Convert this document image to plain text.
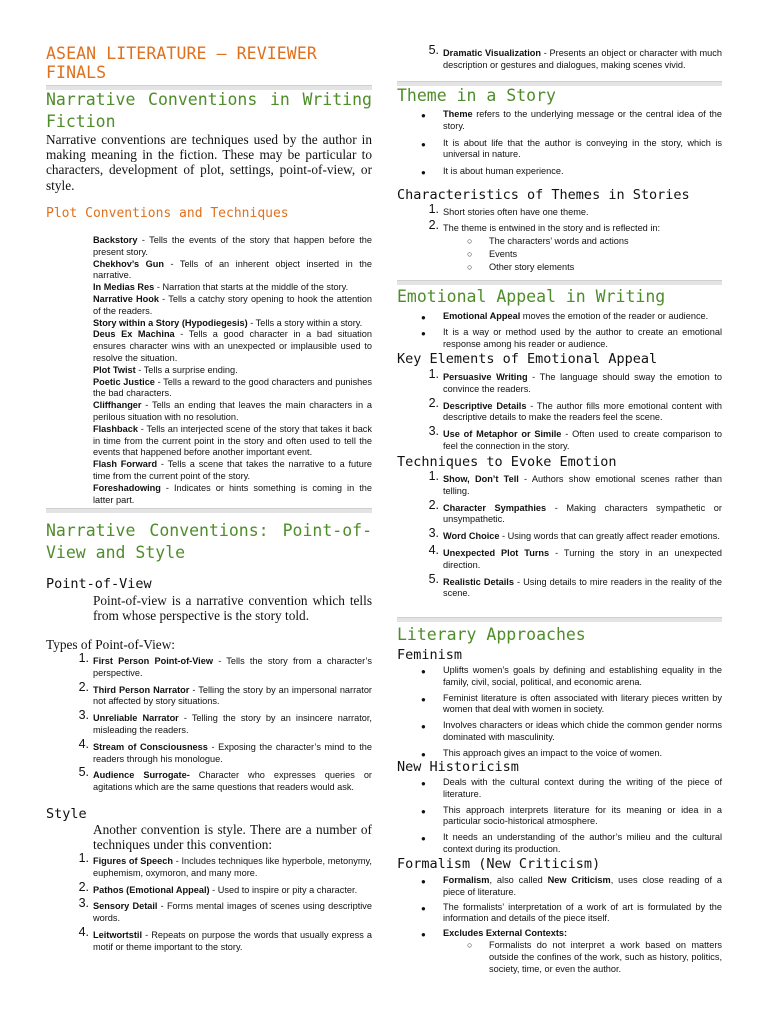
ASEAN LITERATURE – REVIEWER FINALS
Narrative Conventions in Writing
Fiction
Narrative conventions are techniques used by the author in making meaning in the fiction. These may be particular to characters, development of plot, settings, point-of-view, or style.
Plot Conventions and Techniques
Backstory - Tells the events of the story that happen before the present story.
Chekhov’s Gun - Tells of an inherent object inserted in the narrative.
In Medias Res - Narration that starts at the middle of the story.
Narrative Hook - Tells a catchy story opening to hook the attention of the readers.
Story within a Story (Hypodiegesis) - Tells a story within a story.
Deus Ex Machina - Tells a good character in a bad situation ensures character wins with an unexpected or implausible used to resolve the situation.
Plot Twist - Tells a surprise ending.
Poetic Justice - Tells a reward to the good characters and punishes the bad characters.
Cliffhanger - Tells an ending that leaves the main characters in a perilous situation with no resolution.
Flashback - Tells an interjected scene of the story that takes it back in time from the current point in the story and often used to tell the events that happened before another important event.
Flash Forward - Tells a scene that takes the narrative to a future time from the current point of the story.
Foreshadowing - Indicates or hints something is coming in the latter part.
Narrative Conventions: Point-of-
View and Style
Point-of-View
Point-of-view is a narrative convention which tells from whose perspective is the story told.
Types of Point-of-View:
1. First Person Point-of-View - Tells the story from a character’s perspective.
2. Third Person Narrator - Telling the story by an impersonal narrator not affected by story situations.
3. Unreliable Narrator - Telling the story by an insincere narrator, misleading the readers.
4. Stream of Consciousness - Exposing the character’s mind to the readers through his monologue.
5. Audience Surrogate- Character who expresses queries or agitations which are the same questions that readers would ask.
Style
Another convention is style. There are a number of techniques under this convention:
1. Figures of Speech - Includes techniques like hyperbole, metonymy, euphemism, oxymoron, and many more.
2. Pathos (Emotional Appeal) - Used to inspire or pity a character.
3. Sensory Detail - Forms mental images of scenes using descriptive words.
4. Leitwortstil - Repeats on purpose the words that usually express a motif or theme important to the story.
5. Dramatic Visualization - Presents an object or character with much description or gestures and dialogues, making scenes vivid.
Theme in a Story
● Theme refers to the underlying message or the central idea of the story.
● It is about life that the author is conveying in the story, which is universal in nature.
● It is about human experience.
Characteristics of Themes in Stories
1. Short stories often have one theme.
2. The theme is entwined in the story and is reflected in:
○ The characters’ words and actions
○ Events
○ Other story elements
Emotional Appeal in Writing
● Emotional Appeal moves the emotion of the reader or audience.
● It is a way or method used by the author to create an emotional response among his reader or audience.
Key Elements of Emotional Appeal
1. Persuasive Writing - The language should sway the emotion to convince the readers.
2. Descriptive Details - The author fills more emotional content with descriptive details to make the readers feel the scene.
3. Use of Metaphor or Simile - Often used to create comparison to feel the connection in the story.
Techniques to Evoke Emotion
1. Show, Don’t Tell - Authors show emotional scenes rather than telling.
2. Character Sympathies - Making characters sympathetic or unsympathetic.
3. Word Choice - Using words that can greatly affect reader emotions.
4. Unexpected Plot Turns - Turning the story in an unexpected direction.
5. Realistic Details - Using details to mire readers in the reality of the scene.
Literary Approaches
Feminism
● Uplifts women’s goals by defining and establishing equality in the family, civil, social, political, and economic arena.
● Feminist literature is often associated with literary pieces written by women that deal with women in society.
● Involves characters or ideas which chide the common gender norms dominated with masculinity.
● This approach gives an impact to the voice of women.
New Historicism
● Deals with the cultural context during the writing of the piece of literature.
● This approach interprets literature for its meaning or idea in a particular socio-historical atmosphere.
● It needs an understanding of the author’s milieu and the cultural context during its production.
Formalism (New Criticism)
● Formalism, also called New Criticism, uses close reading of a piece of literature.
● The formalists’ interpretation of a work of art is formulated by the information and details of the piece itself.
● Excludes External Contexts:
○ Formalists do not interpret a work based on matters outside the confines of the work, such as history, politics, society, time, or even the author.
